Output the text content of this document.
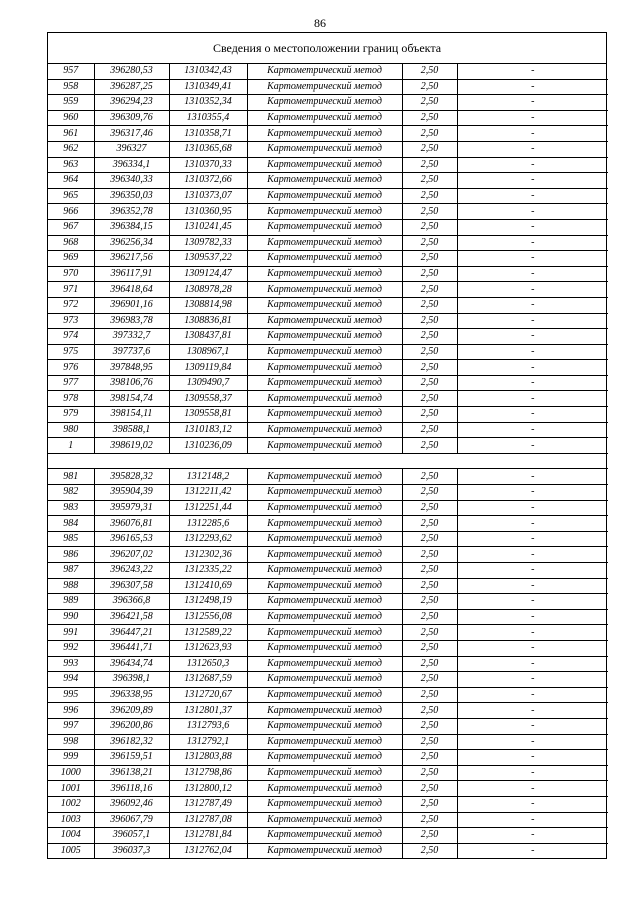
86
Сведения о местоположении границ объекта
957	396280,53	1310342,43	Картометрический метод	2,50	-
958	396287,25	1310349,41	Картометрический метод	2,50	-
959	396294,23	1310352,34	Картометрический метод	2,50	-
960	396309,76	1310355,4	Картометрический метод	2,50	-
961	396317,46	1310358,71	Картометрический метод	2,50	-
962	396327	1310365,68	Картометрический метод	2,50	-
963	396334,1	1310370,33	Картометрический метод	2,50	-
964	396340,33	1310372,66	Картометрический метод	2,50	-
965	396350,03	1310373,07	Картометрический метод	2,50	-
966	396352,78	1310360,95	Картометрический метод	2,50	-
967	396384,15	1310241,45	Картометрический метод	2,50	-
968	396256,34	1309782,33	Картометрический метод	2,50	-
969	396217,56	1309537,22	Картометрический метод	2,50	-
970	396117,91	1309124,47	Картометрический метод	2,50	-
971	396418,64	1308978,28	Картометрический метод	2,50	-
972	396901,16	1308814,98	Картометрический метод	2,50	-
973	396983,78	1308836,81	Картометрический метод	2,50	-
974	397332,7	1308437,81	Картометрический метод	2,50	-
975	397737,6	1308967,1	Картометрический метод	2,50	-
976	397848,95	1309119,84	Картометрический метод	2,50	-
977	398106,76	1309490,7	Картометрический метод	2,50	-
978	398154,74	1309558,37	Картометрический метод	2,50	-
979	398154,11	1309558,81	Картометрический метод	2,50	-
980	398588,1	1310183,12	Картометрический метод	2,50	-
1	398619,02	1310236,09	Картометрический метод	2,50	-

981	395828,32	1312148,2	Картометрический метод	2,50	-
982	395904,39	1312211,42	Картометрический метод	2,50	-
983	395979,31	1312251,44	Картометрический метод	2,50	-
984	396076,81	1312285,6	Картометрический метод	2,50	-
985	396165,53	1312293,62	Картометрический метод	2,50	-
986	396207,02	1312302,36	Картометрический метод	2,50	-
987	396243,22	1312335,22	Картометрический метод	2,50	-
988	396307,58	1312410,69	Картометрический метод	2,50	-
989	396366,8	1312498,19	Картометрический метод	2,50	-
990	396421,58	1312556,08	Картометрический метод	2,50	-
991	396447,21	1312589,22	Картометрический метод	2,50	-
992	396441,71	1312623,93	Картометрический метод	2,50	-
993	396434,74	1312650,3	Картометрический метод	2,50	-
994	396398,1	1312687,59	Картометрический метод	2,50	-
995	396338,95	1312720,67	Картометрический метод	2,50	-
996	396209,89	1312801,37	Картометрический метод	2,50	-
997	396200,86	1312793,6	Картометрический метод	2,50	-
998	396182,32	1312792,1	Картометрический метод	2,50	-
999	396159,51	1312803,88	Картометрический метод	2,50	-
1000	396138,21	1312798,86	Картометрический метод	2,50	-
1001	396118,16	1312800,12	Картометрический метод	2,50	-
1002	396092,46	1312787,49	Картометрический метод	2,50	-
1003	396067,79	1312787,08	Картометрический метод	2,50	-
1004	396057,1	1312781,84	Картометрический метод	2,50	-
1005	396037,3	1312762,04	Картометрический метод	2,50	-
